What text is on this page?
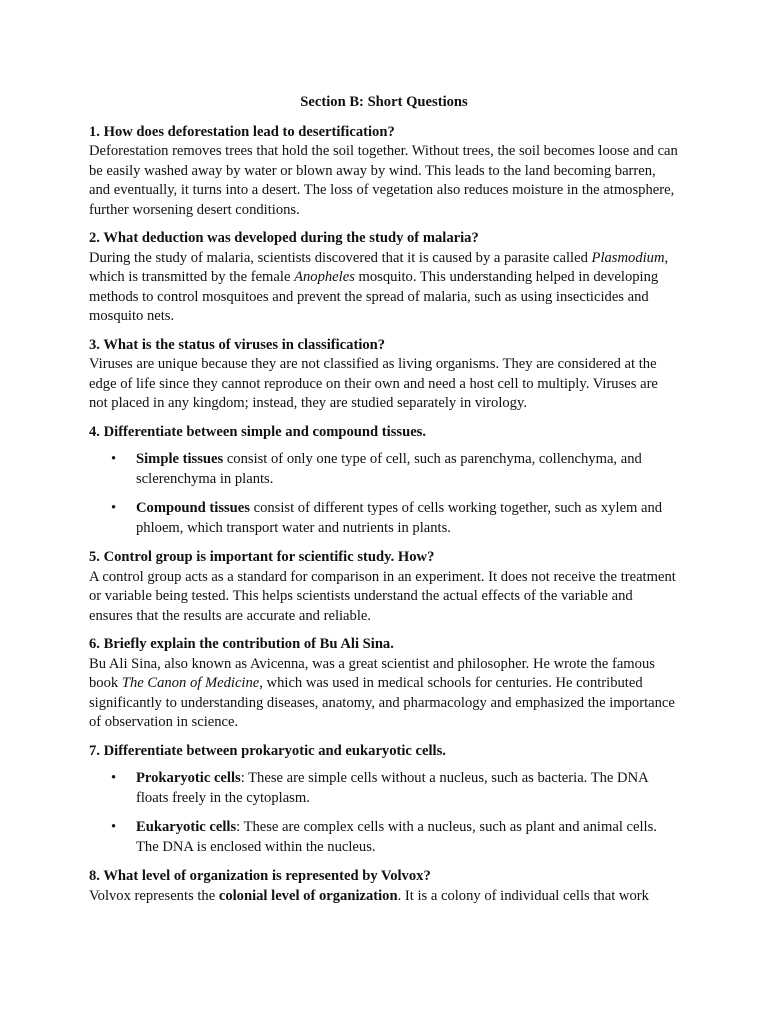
Section B: Short Questions

1. How does deforestation lead to desertification?

Deforestation removes trees that hold the soil together. Without trees, the soil becomes loose and can be easily washed away by water or blown away by wind. This leads to the land becoming barren, and eventually, it turns into a desert. The loss of vegetation also reduces moisture in the atmosphere, further worsening desert conditions.

2. What deduction was developed during the study of malaria?

During the study of malaria, scientists discovered that it is caused by a parasite called Plasmodium, which is transmitted by the female Anopheles mosquito. This understanding helped in developing methods to control mosquitoes and prevent the spread of malaria, such as using insecticides and mosquito nets.

3. What is the status of viruses in classification?

Viruses are unique because they are not classified as living organisms. They are considered at the edge of life since they cannot reproduce on their own and need a host cell to multiply. Viruses are not placed in any kingdom; instead, they are studied separately in virology.

4. Differentiate between simple and compound tissues.

• Simple tissues consist of only one type of cell, such as parenchyma, collenchyma, and sclerenchyma in plants.
• Compound tissues consist of different types of cells working together, such as xylem and phloem, which transport water and nutrients in plants.

5. Control group is important for scientific study. How?

A control group acts as a standard for comparison in an experiment. It does not receive the treatment or variable being tested. This helps scientists understand the actual effects of the variable and ensures that the results are accurate and reliable.

6. Briefly explain the contribution of Bu Ali Sina.

Bu Ali Sina, also known as Avicenna, was a great scientist and philosopher. He wrote the famous book The Canon of Medicine, which was used in medical schools for centuries. He contributed significantly to understanding diseases, anatomy, and pharmacology and emphasized the importance of observation in science.

7. Differentiate between prokaryotic and eukaryotic cells.

• Prokaryotic cells: These are simple cells without a nucleus, such as bacteria. The DNA floats freely in the cytoplasm.
• Eukaryotic cells: These are complex cells with a nucleus, such as plant and animal cells. The DNA is enclosed within the nucleus.

8. What level of organization is represented by Volvox?

Volvox represents the colonial level of organization. It is a colony of individual cells that work
